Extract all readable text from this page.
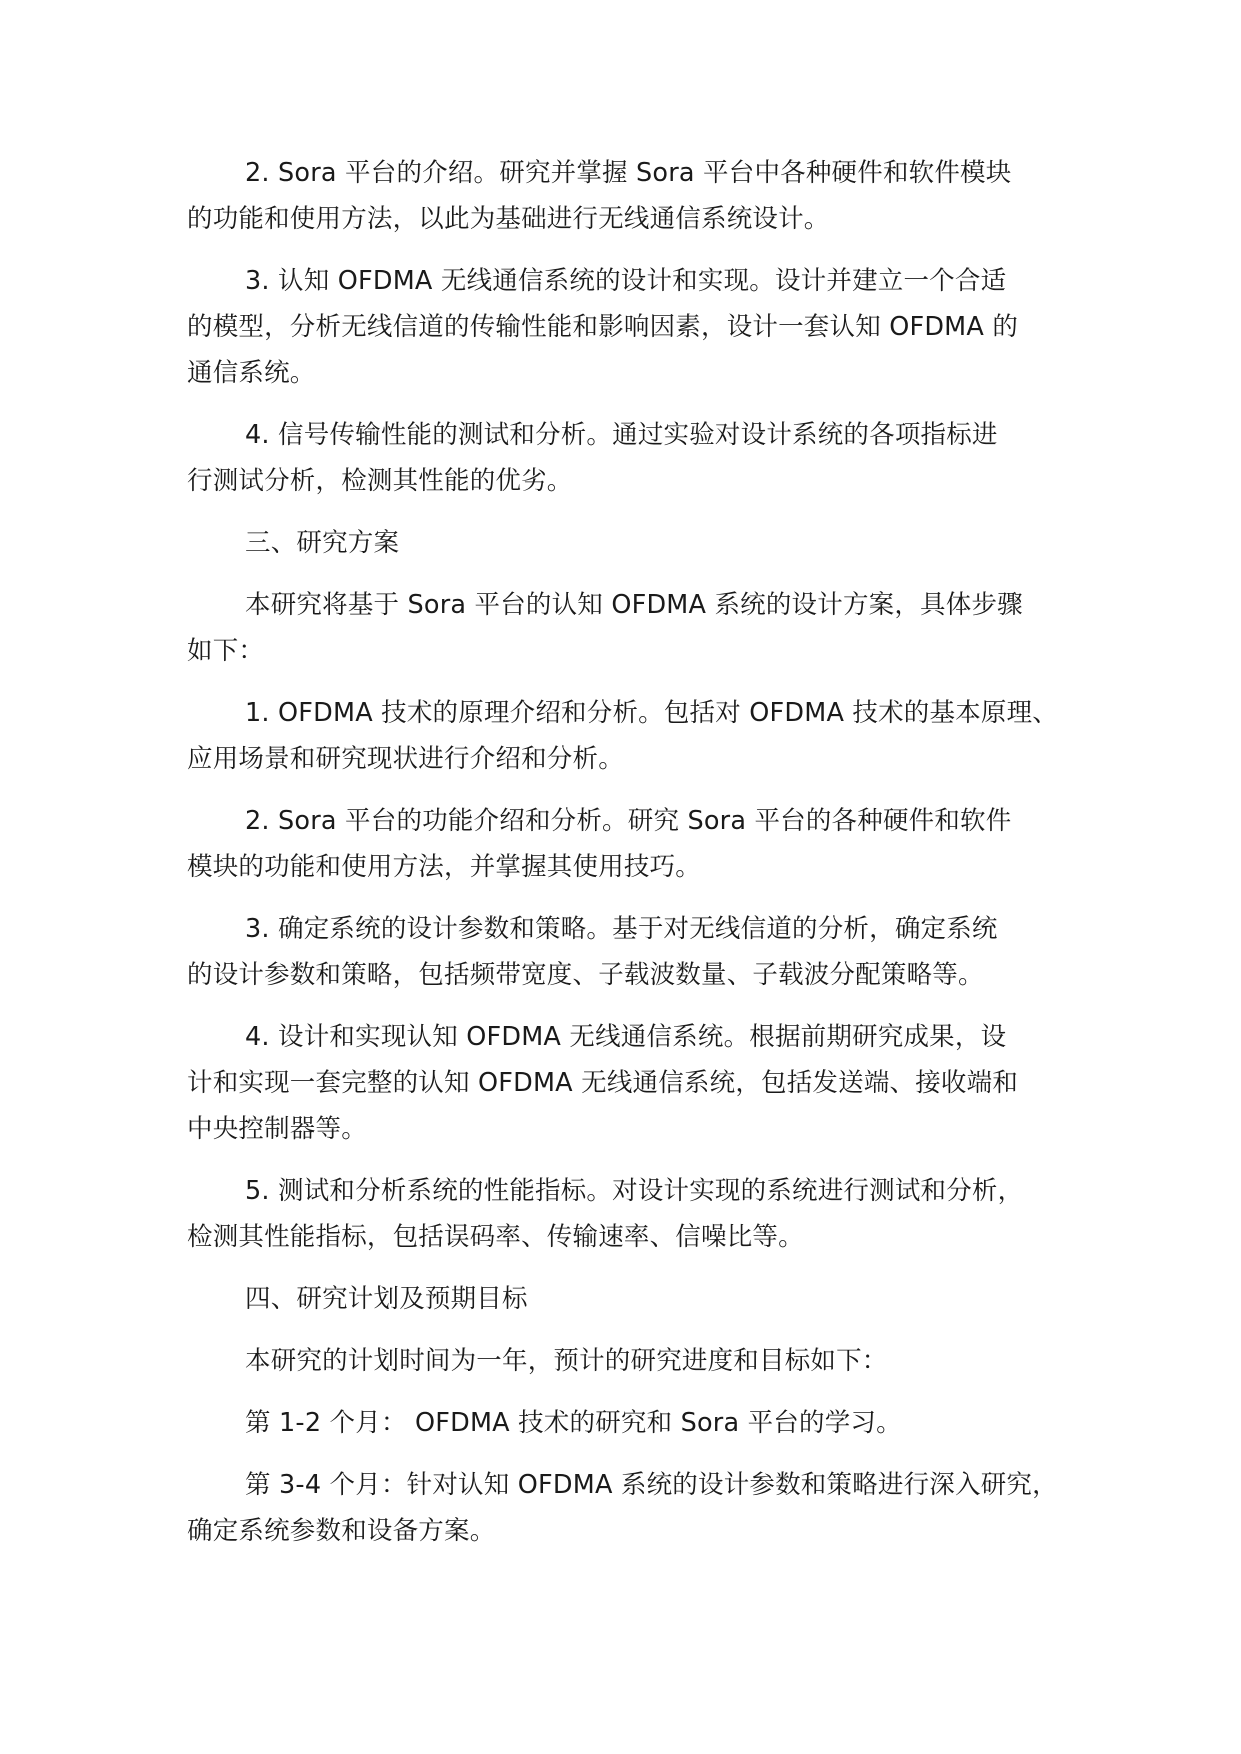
2. Sora 平台的介绍。研究并掌握 Sora 平台中各种硬件和软件模块
的功能和使用方法，以此为基础进行无线通信系统设计。

3. 认知 OFDMA 无线通信系统的设计和实现。设计并建立一个合适
的模型，分析无线信道的传输性能和影响因素，设计一套认知 OFDMA 的
通信系统。

4. 信号传输性能的测试和分析。通过实验对设计系统的各项指标进
行测试分析，检测其性能的优劣。

三、研究方案

本研究将基于 Sora 平台的认知 OFDMA 系统的设计方案，具体步骤
如下：

1. OFDMA 技术的原理介绍和分析。包括对 OFDMA 技术的基本原理、
应用场景和研究现状进行介绍和分析。

2. Sora 平台的功能介绍和分析。研究 Sora 平台的各种硬件和软件
模块的功能和使用方法，并掌握其使用技巧。

3. 确定系统的设计参数和策略。基于对无线信道的分析，确定系统
的设计参数和策略，包括频带宽度、子载波数量、子载波分配策略等。

4. 设计和实现认知 OFDMA 无线通信系统。根据前期研究成果，设
计和实现一套完整的认知 OFDMA 无线通信系统，包括发送端、接收端和
中央控制器等。

5. 测试和分析系统的性能指标。对设计实现的系统进行测试和分析，
检测其性能指标，包括误码率、传输速率、信噪比等。

四、研究计划及预期目标

本研究的计划时间为一年，预计的研究进度和目标如下：

第 1-2 个月： OFDMA 技术的研究和 Sora 平台的学习。

第 3-4 个月：针对认知 OFDMA 系统的设计参数和策略进行深入研究，
确定系统参数和设备方案。
